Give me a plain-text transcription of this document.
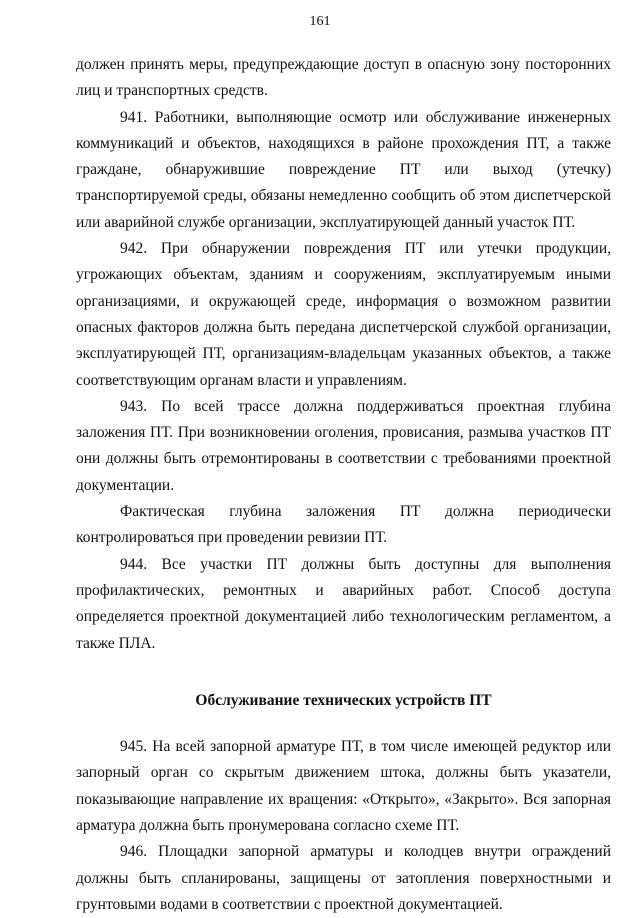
161

должен принять меры, предупреждающие доступ в опасную зону посторонних лиц и транспортных средств.

941. Работники, выполняющие осмотр или обслуживание инженерных коммуникаций и объектов, находящихся в районе прохождения ПТ, а также граждане, обнаружившие повреждение ПТ или выход (утечку) транспортируемой среды, обязаны немедленно сообщить об этом диспетчерской или аварийной службе организации, эксплуатирующей данный участок ПТ.

942. При обнаружении повреждения ПТ или утечки продукции, угрожающих объектам, зданиям и сооружениям, эксплуатируемым иными организациями, и окружающей среде, информация о возможном развитии опасных факторов должна быть передана диспетчерской службой организации, эксплуатирующей ПТ, организациям-владельцам указанных объектов, а также соответствующим органам власти и управлениям.

943. По всей трассе должна поддерживаться проектная глубина заложения ПТ. При возникновении оголения, провисания, размыва участков ПТ они должны быть отремонтированы в соответствии с требованиями проектной документации.

Фактическая глубина заложения ПТ должна периодически контролироваться при проведении ревизии ПТ.

944. Все участки ПТ должны быть доступны для выполнения профилактических, ремонтных и аварийных работ. Способ доступа определяется проектной документацией либо технологическим регламентом, а также ПЛА.

Обслуживание технических устройств ПТ

945. На всей запорной арматуре ПТ, в том числе имеющей редуктор или запорный орган со скрытым движением штока, должны быть указатели, показывающие направление их вращения: «Открыто», «Закрыто». Вся запорная арматура должна быть пронумерована согласно схеме ПТ.

946. Площадки запорной арматуры и колодцев внутри ограждений должны быть спланированы, защищены от затопления поверхностными и грунтовыми водами в соответствии с проектной документацией.
